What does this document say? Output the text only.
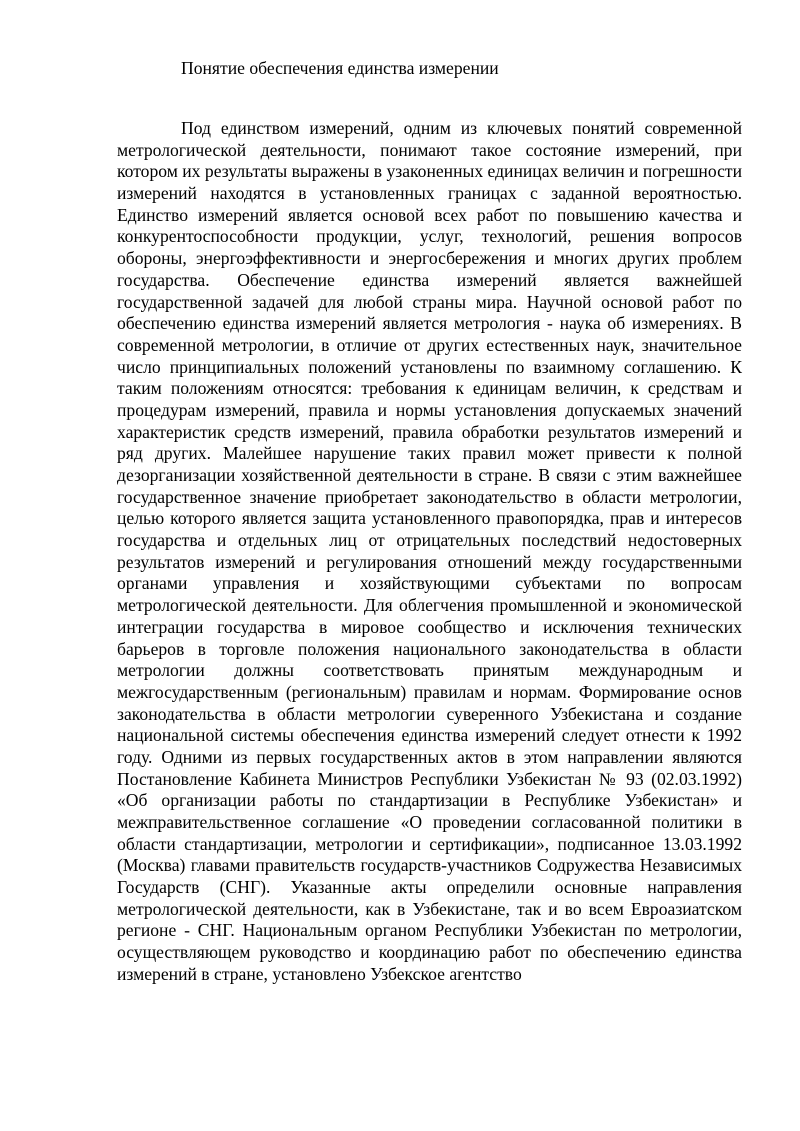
Понятие обеспечения единства измерении

Под единством измерений, одним из ключевых понятий современной метрологической деятельности, понимают такое состояние измерений, при котором их результаты выражены в узаконенных единицах величин и погрешности измерений находятся в установленных границах с заданной вероятностью. Единство измерений является основой всех работ по повышению качества и конкурентоспособности продукции, услуг, технологий, решения вопросов обороны, энергоэффективности и энергосбережения и многих других проблем государства. Обеспечение единства измерений является важнейшей государственной задачей для любой страны мира. Научной основой работ по обеспечению единства измерений является метрология - наука об измерениях. В современной метрологии, в отличие от других естественных наук, значительное число принципиальных положений установлены по взаимному соглашению. К таким положениям относятся: требования к единицам величин, к средствам и процедурам измерений, правила и нормы установления допускаемых значений характеристик средств измерений, правила обработки результатов измерений и ряд других. Малейшее нарушение таких правил может привести к полной дезорганизации хозяйственной деятельности в стране. В связи с этим важнейшее государственное значение приобретает законодательство в области метрологии, целью которого является защита установленного правопорядка, прав и интересов государства и отдельных лиц от отрицательных последствий недостоверных результатов измерений и регулирования отношений между государственными органами управления и хозяйствующими субъектами по вопросам метрологической деятельности. Для облегчения промышленной и экономической интеграции государства в мировое сообщество и исключения технических барьеров в торговле положения национального законодательства в области метрологии должны соответствовать принятым международным и межгосударственным (региональным) правилам и нормам. Формирование основ законодательства в области метрологии суверенного Узбекистана и создание национальной системы обеспечения единства измерений следует отнести к 1992 году. Одними из первых государственных актов в этом направлении являются Постановление Кабинета Министров Республики Узбекистан № 93 (02.03.1992) «Об организации работы по стандартизации в Республике Узбекистан» и межправительственное соглашение «О проведении согласованной политики в области стандартизации, метрологии и сертификации», подписанное 13.03.1992 (Москва) главами правительств государств-участников Содружества Независимых Государств (СНГ). Указанные акты определили основные направления метрологической деятельности, как в Узбекистане, так и во всем Евроазиатском регионе - СНГ. Национальным органом Республики Узбекистан по метрологии, осуществляющем руководство и координацию работ по обеспечению единства измерений в стране, установлено Узбекское агентство
